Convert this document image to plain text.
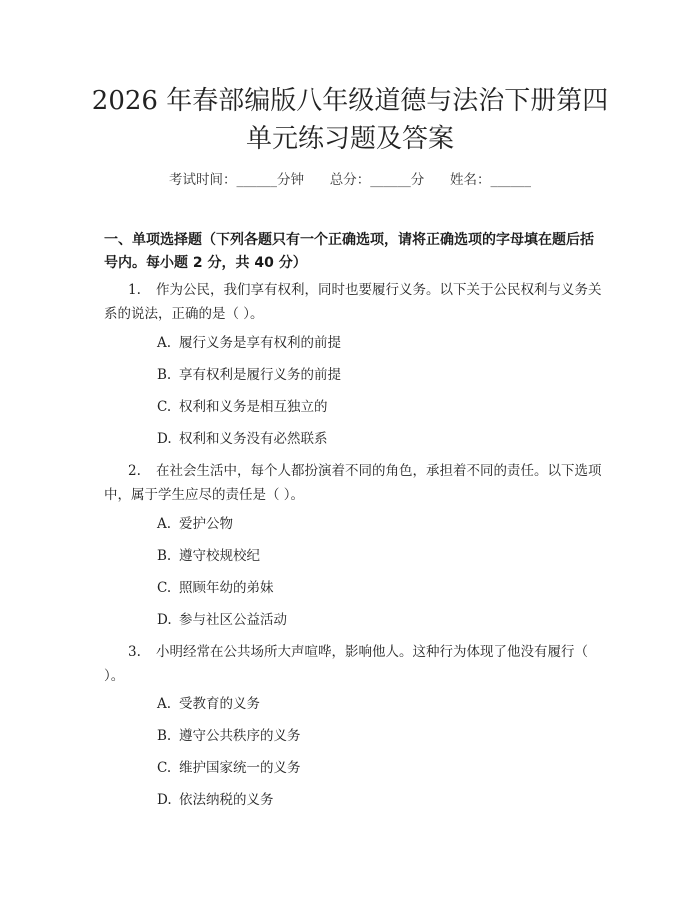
2026 年春部编版八年级道德与法治下册第四
单元练习题及答案
考试时间：______分钟      总分：______分      姓名：______
一、单项选择题（下列各题只有一个正确选项，请将正确选项的字母填在题后括号内。每小题 2 分，共 40 分）
1. 作为公民，我们享有权利，同时也要履行义务。以下关于公民权利与义务关系的说法，正确的是（ ）。
A. 履行义务是享有权利的前提
B. 享有权利是履行义务的前提
C. 权利和义务是相互独立的
D. 权利和义务没有必然联系
2. 在社会生活中，每个人都扮演着不同的角色，承担着不同的责任。以下选项中，属于学生应尽的责任是（ ）。
A. 爱护公物
B. 遵守校规校纪
C. 照顾年幼的弟妹
D. 参与社区公益活动
3. 小明经常在公共场所大声喧哗，影响他人。这种行为体现了他没有履行（ ）。
A. 受教育的义务
B. 遵守公共秩序的义务
C. 维护国家统一的义务
D. 依法纳税的义务
